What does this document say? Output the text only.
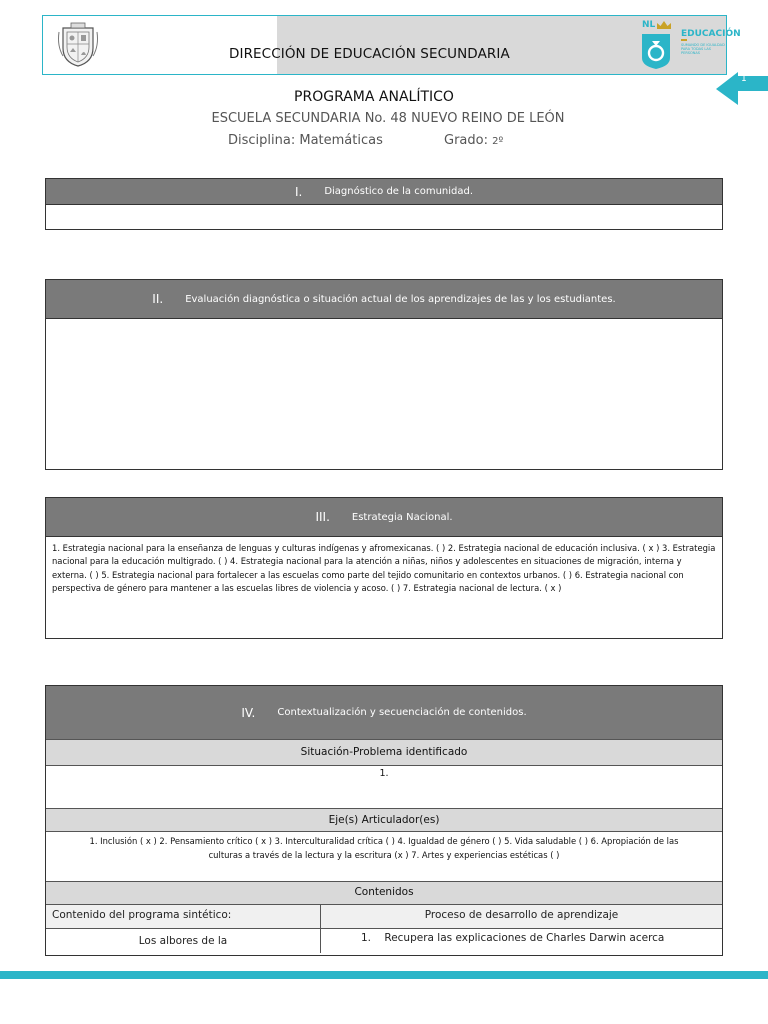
DIRECCIÓN DE EDUCACIÓN SECUNDARIA
NL
EDUCACIÓN
SUMANDO DE IGUALDAD PARA TODAS LAS PERSONAS
1
PROGRAMA ANALÍTICO
ESCUELA SECUNDARIA No. 48 NUEVO REINO DE LEÓN
Disciplina: Matemáticas	Grado: 2º
I. Diagnóstico de la comunidad.
II. Evaluación diagnóstica o situación actual de los aprendizajes de las y los estudiantes.
III. Estrategia Nacional.
1. Estrategia nacional para la enseñanza de lenguas y culturas indígenas y afromexicanas. ( ) 2. Estrategia nacional de educación inclusiva. ( x ) 3. Estrategia nacional para la educación multigrado. ( ) 4. Estrategia nacional para la atención a niñas, niños y adolescentes en situaciones de migración, interna y externa. ( ) 5. Estrategia nacional para fortalecer a las escuelas como parte del tejido comunitario en contextos urbanos. ( ) 6. Estrategia nacional con perspectiva de género para mantener a las escuelas libres de violencia y acoso. ( ) 7. Estrategia nacional de lectura. ( x )
IV. Contextualización y secuenciación de contenidos.
Situación-Problema identificado
1.
Eje(s) Articulador(es)
1. Inclusión ( x ) 2. Pensamiento crítico ( x ) 3. Interculturalidad crítica ( ) 4. Igualdad de género ( ) 5. Vida saludable ( ) 6. Apropiación de las culturas a través de la lectura y la escritura (x ) 7. Artes y experiencias estéticas ( )
Contenidos
Contenido del programa sintético:	Proceso de desarrollo de aprendizaje
Los albores de la	1.    Recupera las explicaciones de Charles Darwin acerca
